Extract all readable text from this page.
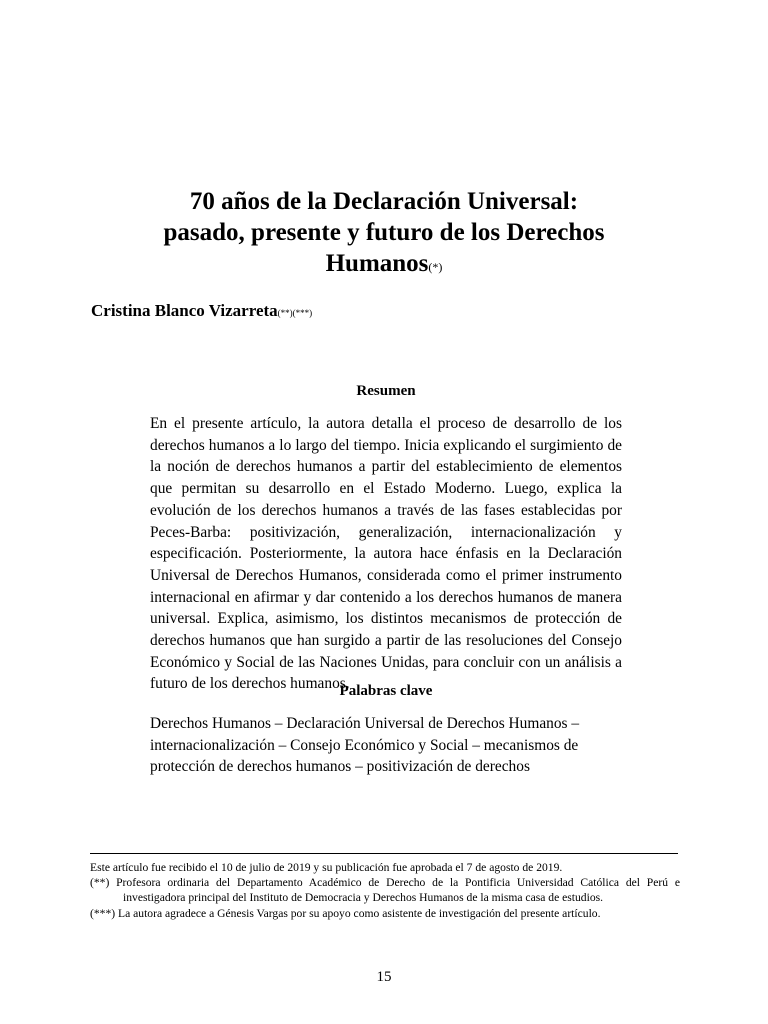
70 años de la Declaración Universal:
pasado, presente y futuro de los Derechos
Humanos(*)
Cristina Blanco Vizarreta(**)(***)
Resumen

En el presente artículo, la autora detalla el proceso de desarrollo de los derechos humanos a lo largo del tiempo. Inicia explicando el surgimiento de la noción de derechos humanos a partir del establecimiento de elementos que permitan su desarrollo en el Estado Moderno. Luego, explica la evolución de los derechos humanos a través de las fases establecidas por Peces-Barba: positivización, generalización, internacionalización y especificación. Posteriormente, la autora hace énfasis en la Declaración Universal de Derechos Humanos, considerada como el primer instrumento internacional en afirmar y dar contenido a los derechos humanos de manera universal. Explica, asimismo, los distintos mecanismos de protección de derechos humanos que han surgido a partir de las resoluciones del Consejo Económico y Social de las Naciones Unidas, para concluir con un análisis a futuro de los derechos humanos.

Palabras clave

Derechos Humanos – Declaración Universal de Derechos Humanos – internacionalización – Consejo Económico y Social – mecanismos de protección de derechos humanos – positivización de derechos

Este artículo fue recibido el 10 de julio de 2019 y su publicación fue aprobada el 7 de agosto de 2019.

(**) Profesora ordinaria del Departamento Académico de Derecho de la Pontificia Universidad Católica del Perú e investigadora principal del Instituto de Democracia y Derechos Humanos de la misma casa de estudios.

(***) La autora agradece a Génesis Vargas por su apoyo como asistente de investigación del presente artículo.

15
